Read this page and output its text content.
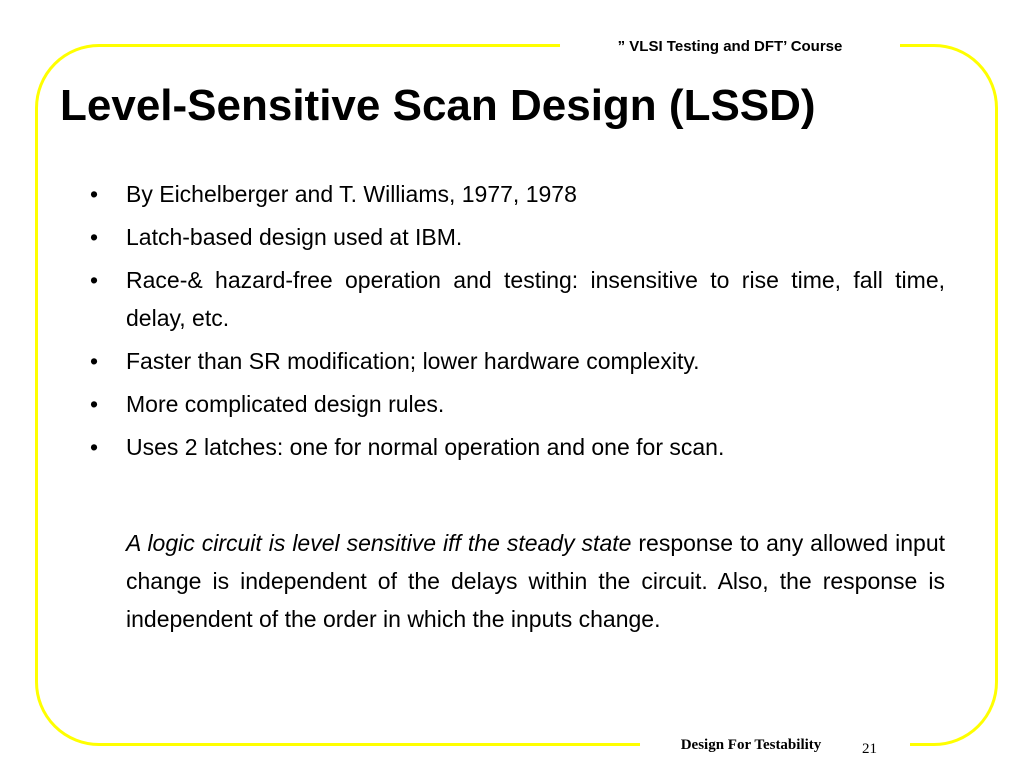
” VLSI Testing and DFT’ Course
Level-Sensitive Scan Design (LSSD)
• By Eichelberger and T. Williams, 1977, 1978
• Latch-based design used at IBM.
• Race-& hazard-free operation and testing: insensitive to rise time, fall time, delay, etc.
• Faster than SR modification; lower hardware complexity.
• More complicated design rules.
• Uses 2 latches: one for normal operation and one for scan.

A logic circuit is level sensitive iff the steady state response to any allowed input change is independent of the delays within the circuit. Also, the response is independent of the order in which the inputs change.

Design For Testability	21
